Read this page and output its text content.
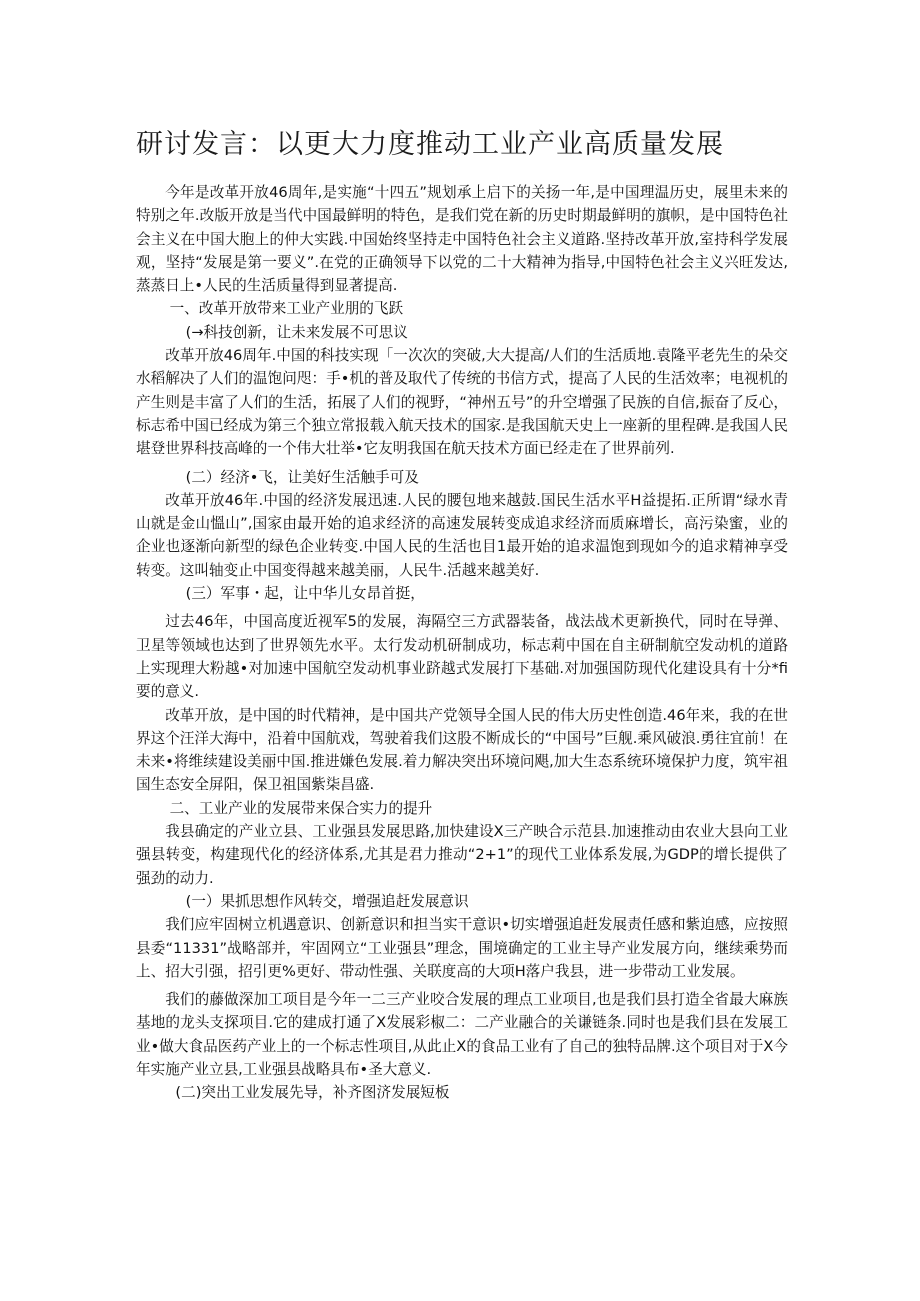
研讨发言：以更大力度推动工业产业高质量发展

今年是改革开放46周年,是实施“十四五”规划承上启下的关扬一年,是中国理温历史，展里未来的特别之年.改版开放是当代中国最鲜明的特色，是我们党在新的历史时期最鲜明的旗帜，是中国特色社会主义在中国大胞上的仲大实践.中国始终坚持走中国特色社会主义道路.坚持改革开放,室持科学发展观，坚持“发展是第一要义”.在党的正确领导下以党的二十大精神为指导,中国特色社会主义兴旺发达,蒸蒸日上•人民的生活质量得到显著提高.

一、改革开放带来工业产业朋的飞跃

(→科技创新，让未来发展不可思议

改革开放46周年.中国的科技实现「一次次的突破,大大提高/人们的生活质地.袁隆平老先生的朵交水稻解决了人们的温饱问咫：手•机的普及取代了传统的书信方式，提高了人民的生活效率；电视机的产生则是丰富了人们的生活，拓展了人们的视野，“神州五号”的升空增强了民族的自信,振奋了反心，标志希中国已经成为第三个独立常报载入航天技术的国家.是我国航天史上一座新的里程碑.是我国人民堪登世界科技高峰的一个伟大壮举•它友明我国在航天技术方面已经走在了世界前列.

(二）经济•飞，让美好生活触手可及

改革开放46年.中国的经济发展迅速.人民的腰包地来越鼓.国民生活水平H益提拓.正所谓“绿水青山就是金山慍山”,国家由最开始的追求经济的高速发展转变成追求经济而质麻增长，高污染蜜，业的企业也逐渐向新型的绿色企业转变.中国人民的生活也目1最开始的追求温饱到现如今的追求精神享受转变。这叫轴变止中国变得越来越美丽，人民牛.活越来越美好.

(三）军事・起，让中华儿女昂首挺，

过去46年，中国高度近视军5的发展，海隔空三方武器装备，战法战术更新换代，同时在导弹、卫星等领域也达到了世界领先水平。太行发动机研制成功，标志莉中国在自主研制航空发动机的道路上实现理大粉越•对加速中国航空发动机事业跻越式发展打下基础.对加强国防现代化建设具有十分*fi要的意义.

改革开放，是中国的时代精神，是中国共产党领导全国人民的伟大历史性创造.46年来，我的在世界这个汪洋大海中，沿着中国航戏，驾驶着我们这股不断成长的“中国号”巨舰.乘风破浪.勇往宜前！在未来•将维续建设美丽中国.推进嫌色发展.着力解决突出环境问飓,加大生态系统环境保护力度，筑牢祖国生态安全屏阳，保卫祖国紫柒昌盛.

二、工业产业的发展带来保合实力的提升

我县确定的产业立县、工业强县发展思路,加快建设X三产映合示范县.加速推动由农业大县向工业强县转变，构建现代化的经济体系,尤其是君力推动“2+1”的现代工业体系发展,为GDP的增长提供了强劲的动力.

(一）果抓思想作风转交，增强追赶发展意识

我们应牢固树立机遇意识、创新意识和担当实干意识•切实增强追赶发展责任感和紫迫感，应按照县委“11331”战略部并，牢固网立“工业强县”理念，围境确定的工业主导产业发展方向，继续乘势而上、招大引强，招引更%更好、带动性强、关联度高的大项H落户我县，进一步带动工业发展。

我们的藤做深加工项目是今年一二三产业咬合发展的理点工业项目,也是我们县打造全省最大麻族基地的龙头支探项目.它的建成打通了X发展彩椒二：二产业融合的关谦链条.同时也是我们县在发展工业•做大食品医药产业上的一个标志性项目,从此止X的食品工业有了自己的独特品牌.这个项目对于X今年实施产业立县,工业强县战略具布•圣大意义.

(二)突出工业发展先导，补齐图济发展短板
